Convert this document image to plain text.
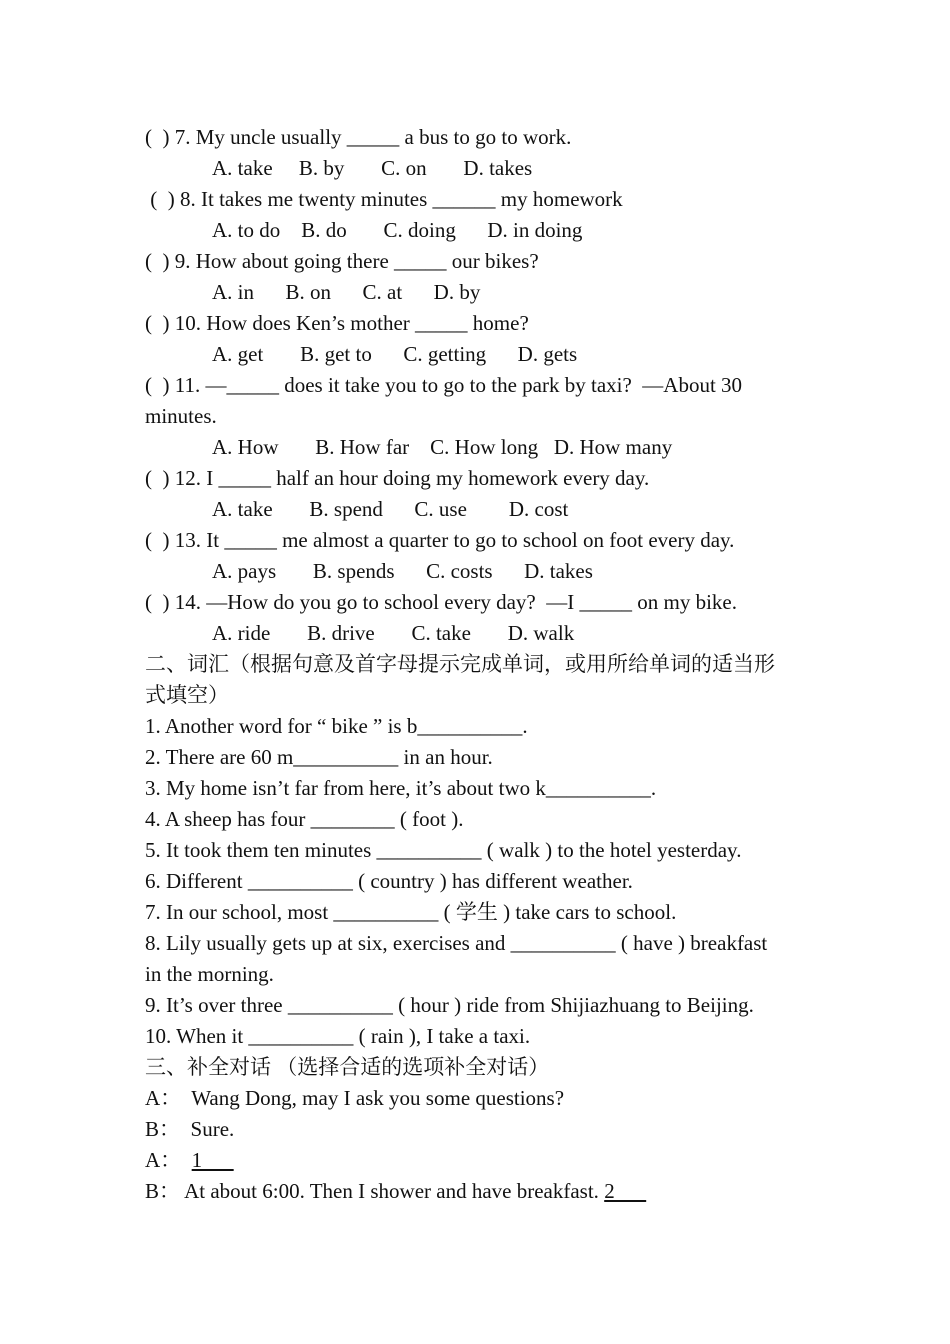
(  ) 7. My uncle usually _____ a bus to go to work.
A. take     B. by       C. on       D. takes
(  ) 8. It takes me twenty minutes ______ my homework
A. to do    B. do       C. doing      D. in doing
(  ) 9. How about going there _____ our bikes?
A. in      B. on      C. at      D. by
(  ) 10. How does Ken’s mother _____ home?
A. get       B. get to      C. getting      D. gets
(  ) 11. —_____ does it take you to go to the park by taxi?  —About 30
minutes.
A. How       B. How far    C. How long   D. How many
(  ) 12. I _____ half an hour doing my homework every day.
A. take       B. spend      C. use        D. cost
(  ) 13. It _____ me almost a quarter to go to school on foot every day.
A. pays       B. spends      C. costs      D. takes
(  ) 14. —How do you go to school every day?  —I _____ on my bike.
A. ride       B. drive       C. take       D. walk
二、词汇（根据句意及首字母提示完成单词，或用所给单词的适当形
式填空）
1. Another word for “ bike ” is b__________.
2. There are 60 m__________ in an hour.
3. My home isn’t far from here, it’s about two k__________.
4. A sheep has four ________ ( foot ).
5. It took them ten minutes __________ ( walk ) to the hotel yesterday.
6. Different __________ ( country ) has different weather.
7. In our school, most __________ ( 学生 ) take cars to school.
8. Lily usually gets up at six, exercises and __________ ( have ) breakfast
in the morning.
9. It’s over three __________ ( hour ) ride from Shijiazhuang to Beijing.
10. When it __________ ( rain ), I take a taxi.
三、补全对话 （选择合适的选项补全对话）
A：  Wang Dong, may I ask you some questions?
B：  Sure.
A： 1
B： At about 6:00. Then I shower and have breakfast. 2
